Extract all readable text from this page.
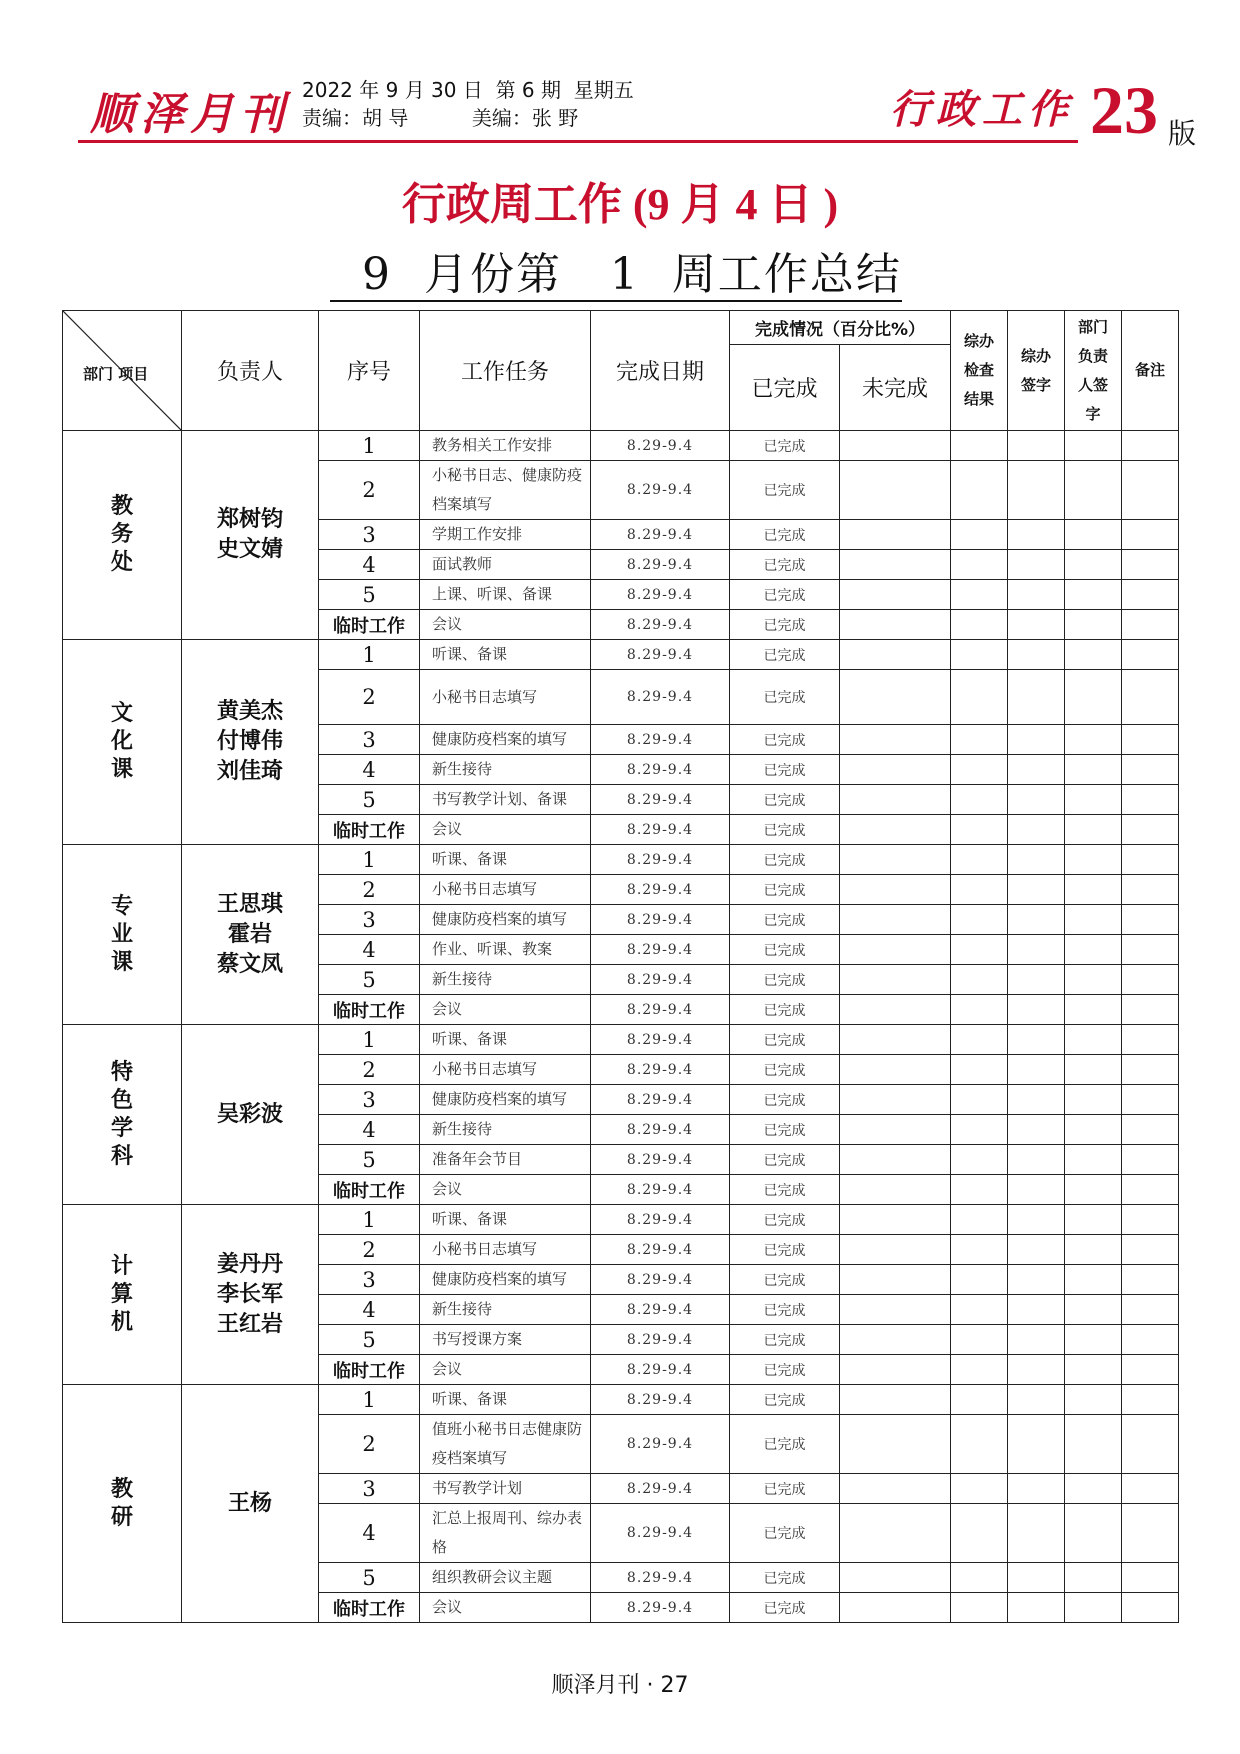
顺泽月刊 2022 年 9 月 30 日  第 6 期  星期五
责编：胡 导          美编：张 野	行政工作 23 版
行政周工作 (9 月 4 日 )
9  月份第   1  周工作总结
部门 项目	负责人	序号	工作任务	完成日期	完成情况（百分比%）		综办
检查
结果	综办
签字	部门
负责
人签
字	备注
					已完成	未完成				

教
务
处	郑树钧
史文婧	1	教务相关工作安排	8.29-9.4	已完成					
		2	小秘书日志、健康防疫档案填写	8.29-9.4	已完成					
		3	学期工作安排	8.29-9.4	已完成					
		4	面试教师	8.29-9.4	已完成					
		5	上课、听课、备课	8.29-9.4	已完成					
		临时工作	会议	8.29-9.4	已完成					

文
化
课	黄美杰
付博伟
刘佳琦	1	听课、备课	8.29-9.4	已完成					
		2	小秘书日志填写	8.29-9.4	已完成					
		3	健康防疫档案的填写	8.29-9.4	已完成					
		4	新生接待	8.29-9.4	已完成					
		5	书写教学计划、备课	8.29-9.4	已完成					
		临时工作	会议	8.29-9.4	已完成					

专
业
课	王思琪
霍岩
蔡文凤	1	听课、备课	8.29-9.4	已完成					
		2	小秘书日志填写	8.29-9.4	已完成					
		3	健康防疫档案的填写	8.29-9.4	已完成					
		4	作业、听课、教案	8.29-9.4	已完成					
		5	新生接待	8.29-9.4	已完成					
		临时工作	会议	8.29-9.4	已完成					

特
色
学
科	吴彩波	1	听课、备课	8.29-9.4	已完成					
		2	小秘书日志填写	8.29-9.4	已完成					
		3	健康防疫档案的填写	8.29-9.4	已完成					
		4	新生接待	8.29-9.4	已完成					
		5	准备年会节目	8.29-9.4	已完成					
		临时工作	会议	8.29-9.4	已完成					

计
算
机	姜丹丹
李长军
王红岩	1	听课、备课	8.29-9.4	已完成					
		2	小秘书日志填写	8.29-9.4	已完成					
		3	健康防疫档案的填写	8.29-9.4	已完成					
		4	新生接待	8.29-9.4	已完成					
		5	书写授课方案	8.29-9.4	已完成					
		临时工作	会议	8.29-9.4	已完成					

教
研	王杨	1	听课、备课	8.29-9.4	已完成					
		2	值班小秘书日志健康防疫档案填写	8.29-9.4	已完成					
		3	书写教学计划	8.29-9.4	已完成					
		4	汇总上报周刊、综办表格	8.29-9.4	已完成					
		5	组织教研会议主题	8.29-9.4	已完成					
		临时工作	会议	8.29-9.4	已完成					
顺泽月刊 · 27
